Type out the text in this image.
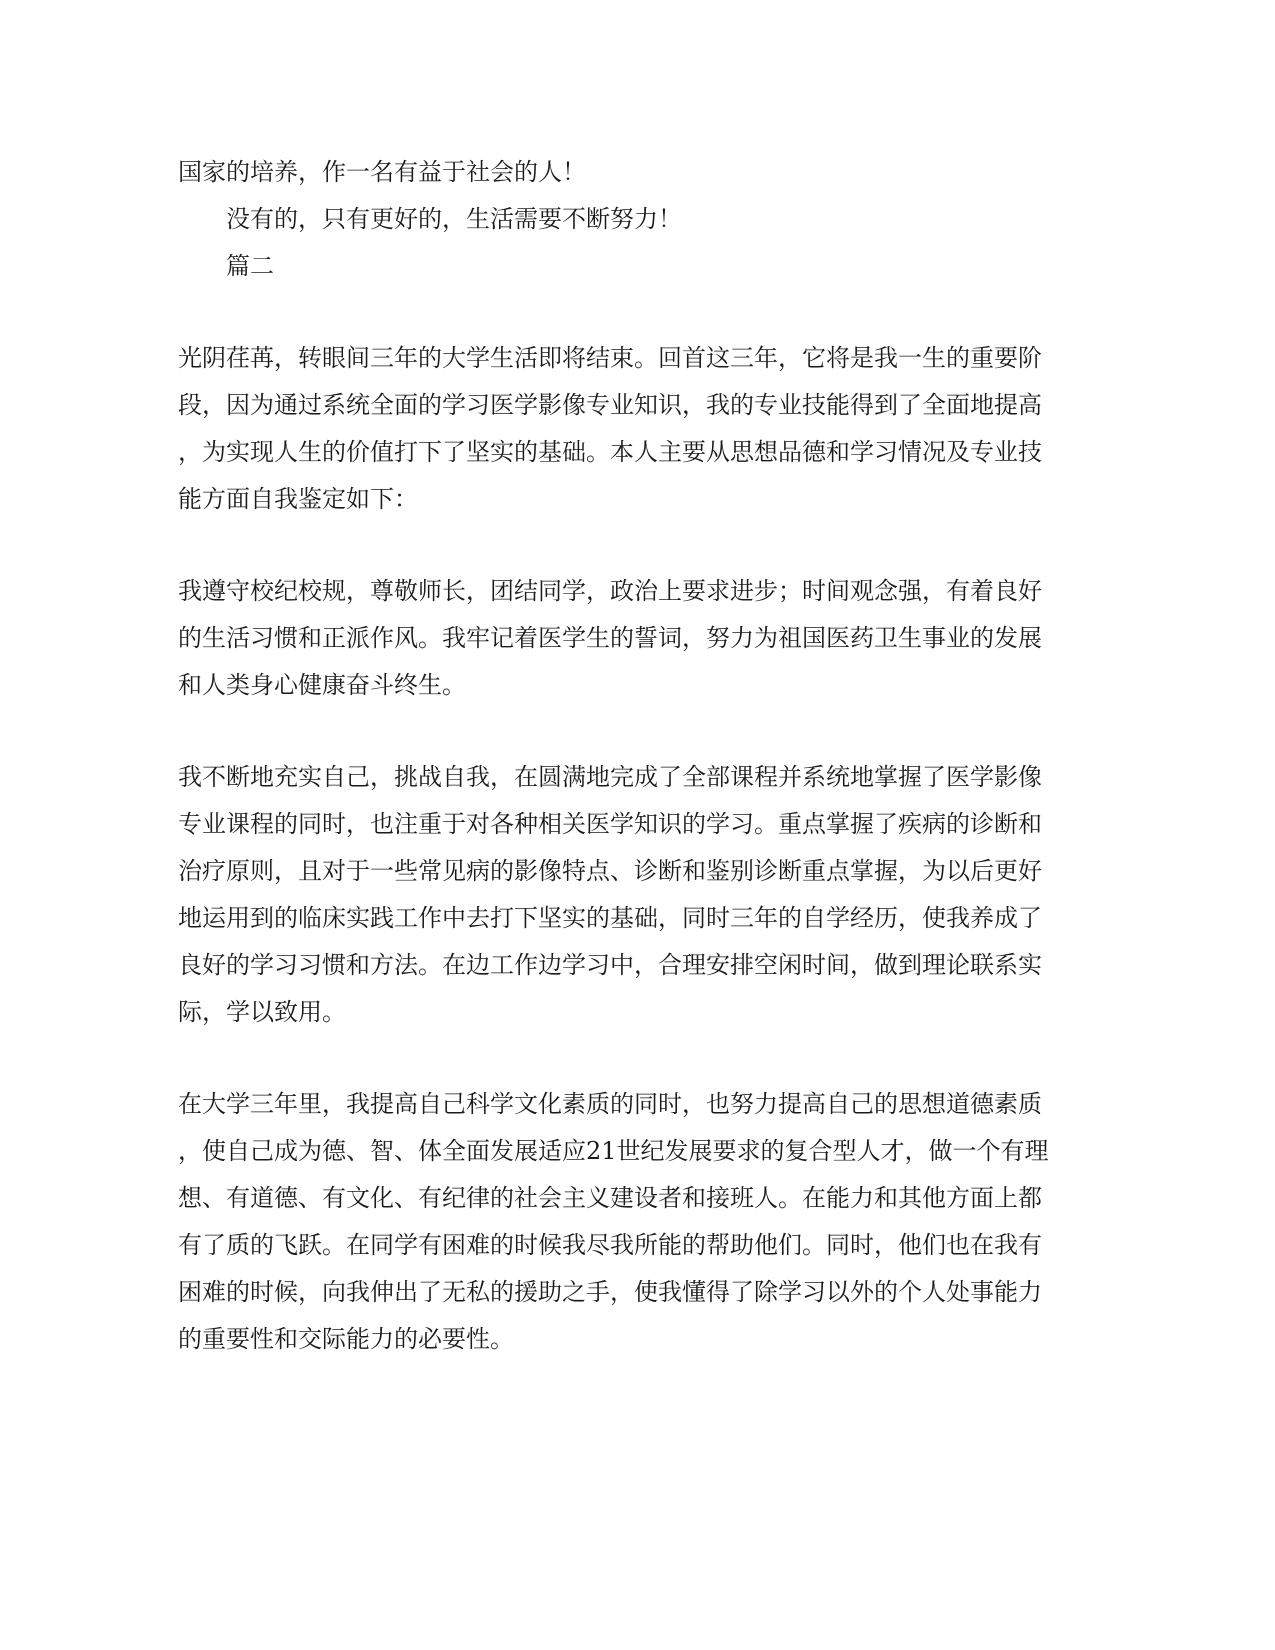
国家的培养，作一名有益于社会的人！

没有的，只有更好的，生活需要不断努力！

篇二

光阴荏苒，转眼间三年的大学生活即将结束。回首这三年，它将是我一生的重要阶

段，因为通过系统全面的学习医学影像专业知识，我的专业技能得到了全面地提高

，为实现人生的价值打下了坚实的基础。本人主要从思想品德和学习情况及专业技

能方面自我鉴定如下：

我遵守校纪校规，尊敬师长，团结同学，政治上要求进步；时间观念强，有着良好

的生活习惯和正派作风。我牢记着医学生的誓词，努力为祖国医药卫生事业的发展

和人类身心健康奋斗终生。

我不断地充实自己，挑战自我，在圆满地完成了全部课程并系统地掌握了医学影像

专业课程的同时，也注重于对各种相关医学知识的学习。重点掌握了疾病的诊断和

治疗原则，且对于一些常见病的影像特点、诊断和鉴别诊断重点掌握，为以后更好

地运用到的临床实践工作中去打下坚实的基础，同时三年的自学经历，使我养成了

良好的学习习惯和方法。在边工作边学习中，合理安排空闲时间，做到理论联系实

际，学以致用。

在大学三年里，我提高自己科学文化素质的同时，也努力提高自己的思想道德素质

，使自己成为德、智、体全面发展适应21世纪发展要求的复合型人才，做一个有理

想、有道德、有文化、有纪律的社会主义建设者和接班人。在能力和其他方面上都

有了质的飞跃。在同学有困难的时候我尽我所能的帮助他们。同时，他们也在我有

困难的时候，向我伸出了无私的援助之手，使我懂得了除学习以外的个人处事能力

的重要性和交际能力的必要性。
